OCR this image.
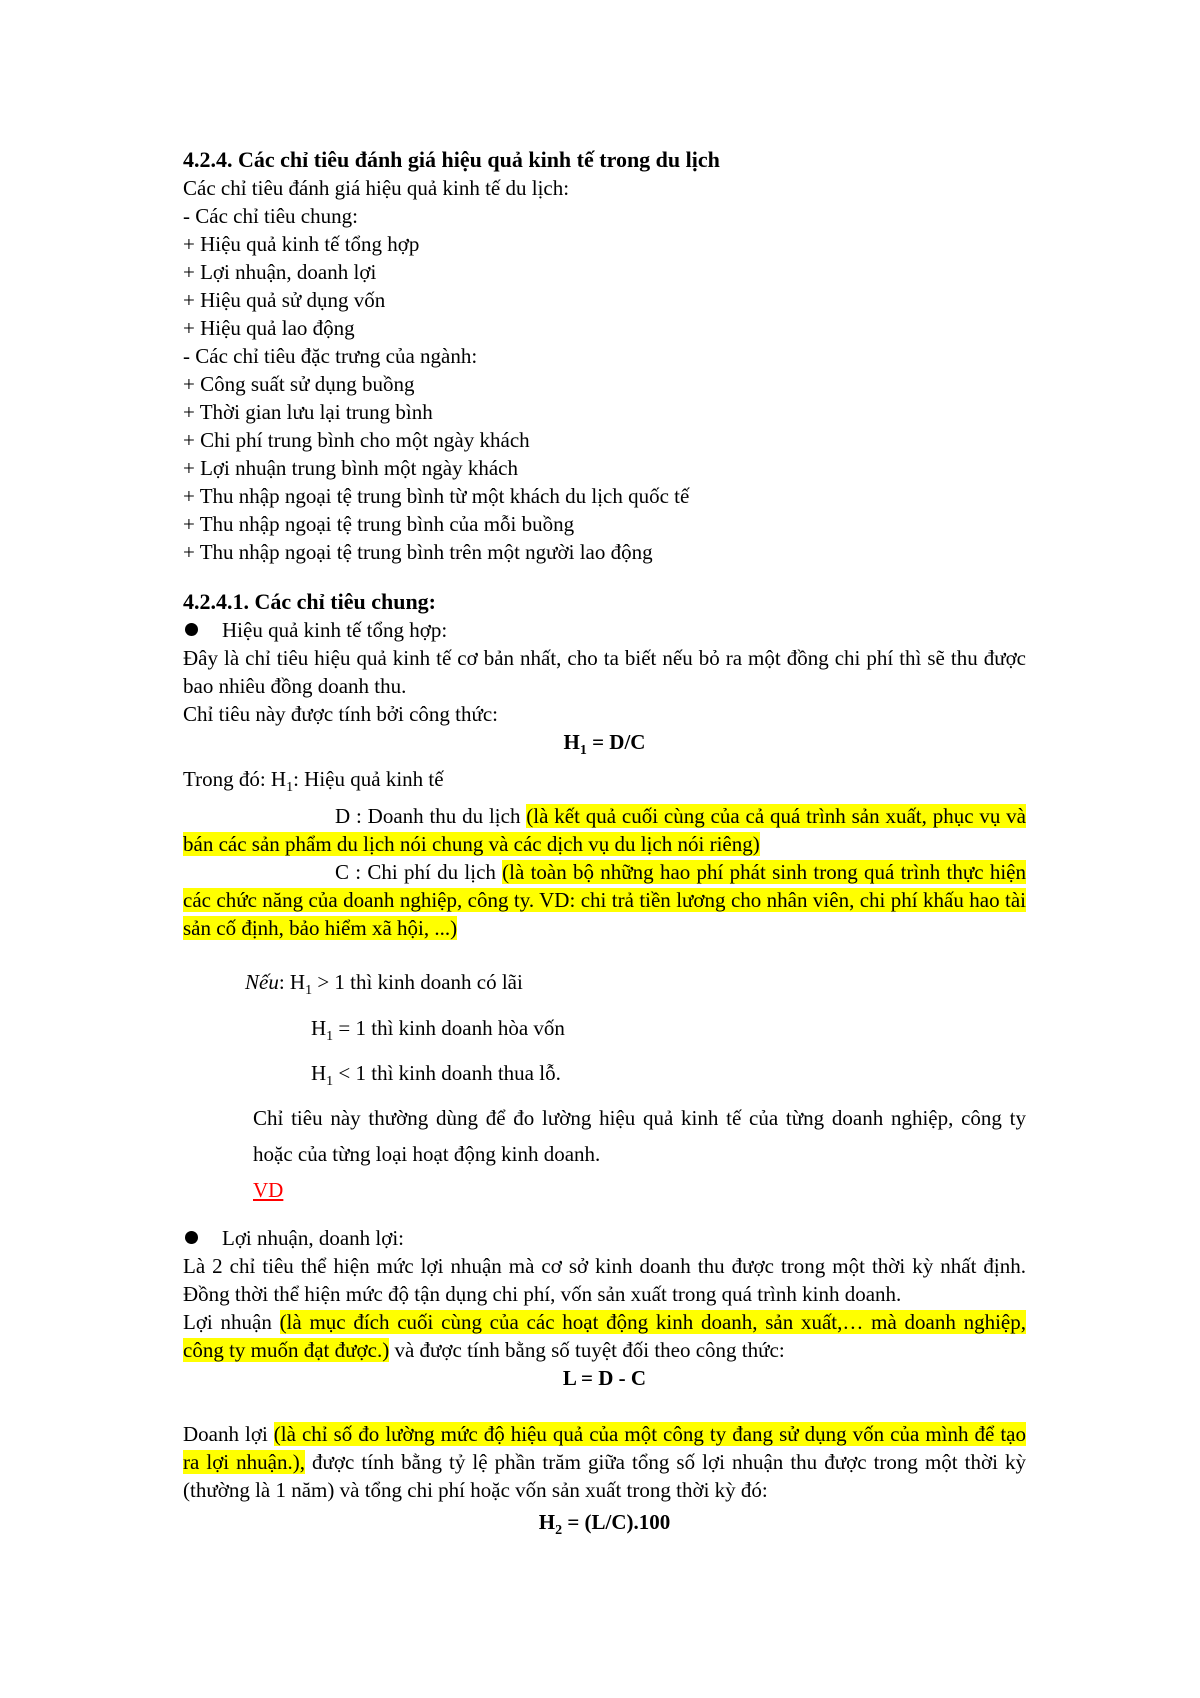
4.2.4. Các chỉ tiêu đánh giá hiệu quả kinh tế trong du lịch

Các chỉ tiêu đánh giá hiệu quả kinh tế du lịch:

- Các chỉ tiêu chung:

+ Hiệu quả kinh tế tổng hợp

+ Lợi nhuận, doanh lợi

+ Hiệu quả sử dụng vốn

+ Hiệu quả lao động

- Các chỉ tiêu đặc trưng của ngành:

+ Công suất sử dụng buồng

+ Thời gian lưu lại trung bình

+ Chi phí trung bình cho một ngày khách

+ Lợi nhuận trung bình một ngày khách

+ Thu nhập ngoại tệ trung bình từ một khách du lịch quốc tế

+ Thu nhập ngoại tệ trung bình của mỗi buồng

+ Thu nhập ngoại tệ trung bình trên một người lao động

4.2.4.1. Các chỉ tiêu chung:

Hiệu quả kinh tế tổng hợp:

Đây là chỉ tiêu hiệu quả kinh tế cơ bản nhất, cho ta biết nếu bỏ ra một đồng chi phí thì sẽ thu được bao nhiêu đồng doanh thu.

Chỉ tiêu này được tính bởi công thức:

$H_1 = D/C$

Trong đó: $H_1$: Hiệu quả kinh tế

D : Doanh thu du lịch (là kết quả cuối cùng của cả quá trình sản xuất, phục vụ và bán các sản phẩm du lịch nói chung và các dịch vụ du lịch nói riêng)

C : Chi phí du lịch (là toàn bộ những hao phí phát sinh trong quá trình thực hiện các chức năng của doanh nghiệp, công ty. VD: chi trả tiền lương cho nhân viên, chi phí khấu hao tài sản cố định, bảo hiểm xã hội, ...)

Nếu: $H_1 > 1$ thì kinh doanh có lãi

$H_1 = 1$ thì kinh doanh hòa vốn

$H_1 < 1$ thì kinh doanh thua lỗ.

Chỉ tiêu này thường dùng để đo lường hiệu quả kinh tế của từng doanh nghiệp, công ty hoặc của từng loại hoạt động kinh doanh.

VD

Lợi nhuận, doanh lợi:

Là 2 chỉ tiêu thể hiện mức lợi nhuận mà cơ sở kinh doanh thu được trong một thời kỳ nhất định. Đồng thời thể hiện mức độ tận dụng chi phí, vốn sản xuất trong quá trình kinh doanh.

Lợi nhuận (là mục đích cuối cùng của các hoạt động kinh doanh, sản xuất,… mà doanh nghiệp, công ty muốn đạt được.) và được tính bằng số tuyệt đối theo công thức:

L = D - C

Doanh lợi (là chỉ số đo lường mức độ hiệu quả của một công ty đang sử dụng vốn của mình để tạo ra lợi nhuận.), được tính bằng tỷ lệ phần trăm giữa tổng số lợi nhuận thu được trong một thời kỳ (thường là 1 năm) và tổng chi phí hoặc vốn sản xuất trong thời kỳ đó:

$H_2 = (L/C).100$
